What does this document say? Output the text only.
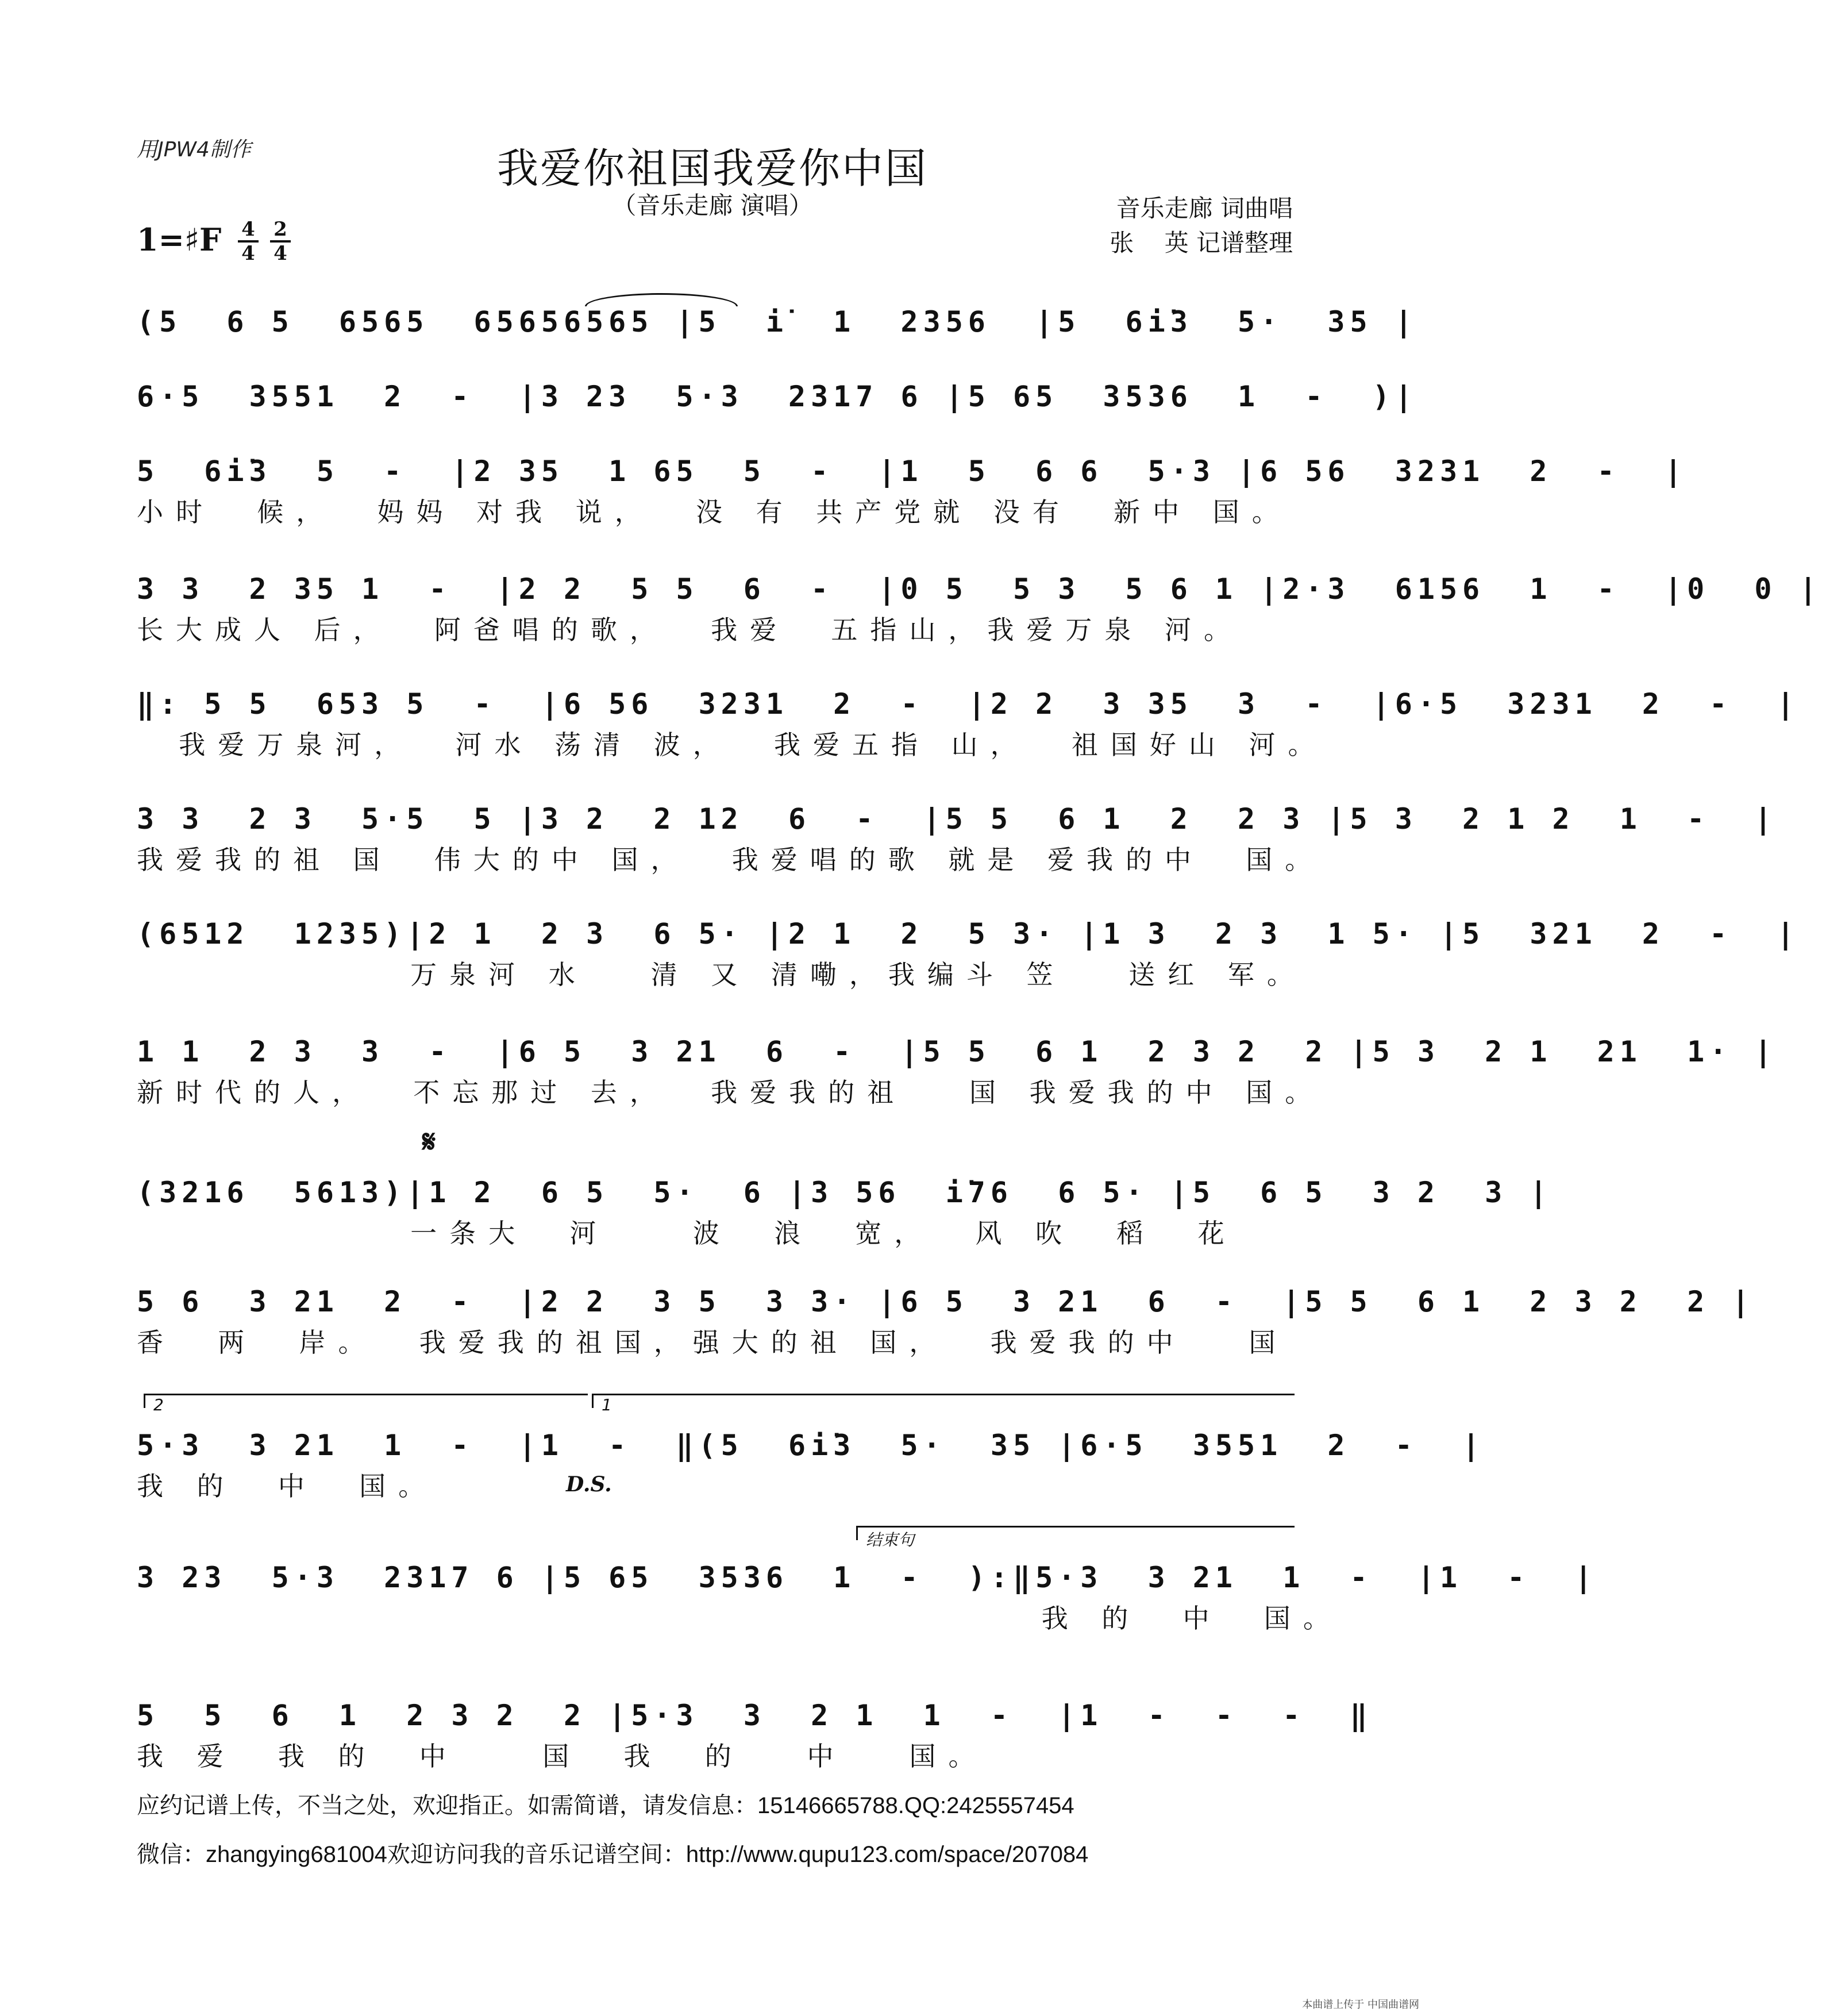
用JPW4制作	我爱你祖国我爱你中国
（音乐走廊 演唱）	音乐走廊 词曲唱
张    英 记谱整理
1=♯F 4
4
2
4
(5  6 5  6565  65656565 |5  i̇  1  2356  |5  6i̇3  5·  35 |
6·5  3551  2  -  |3 23  5·3  2317 6 |5 65  3536  1  -  )|
5  6i̇3  5  -  |2 35  1 65  5  -  |1  5  6 6  5·3 |6 56  3231  2  -  |
小时  候，  妈妈 对我 说，  没 有 共产党就 没有  新中 国。
3 3  2 35 1  -  |2 2  5 5  6  -  |0 5  5 3  5 6 1 |2·3  6156  1  -  |0  0 |
长大成人 后，  阿爸唱的歌，  我爱  五指山，我爱万泉 河。
‖: 5 5  653 5  -  |6 56  3231  2  -  |2 2  3 35  3  -  |6·5  3231  2  -  |
我爱万泉河，  河水 荡清 波，  我爱五指 山，  祖国好山 河。
3 3  2 3  5·5  5 |3 2  2 12  6  -  |5 5  6 1  2  2 3 |5 3  2 1 2  1  -  |
我爱我的祖 国  伟大的中 国，  我爱唱的歌 就是 爱我的中  国。
(6512  1235)|2 1  2 3  6 5· |2 1  2  5 3· |1 3  2 3  1 5· |5  321  2  -  |
万泉河 水   清 又 清嘞，我编斗 笠   送红 军。
1 1  2 3  3  -  |6 5  3 21  6  -  |5 5  6 1  2 3 2  2 |5 3  2 1  21  1· |
新时代的人，  不忘那过 去，  我爱我的祖   国 我爱我的中 国。
𝄋
(3216  5613)|1 2  6 5  5·  6 |3 56  i̇76  6 5· |5  6 5  3 2  3 |
一条大  河    波  浪  宽，  风 吹  稻  花
5 6  3 21  2  -  |2 2  3 5  3 3· |6 5  3 21  6  -  |5 5  6 1  2 3 2  2 |
香  两  岸。  我爱我的祖国，强大的祖 国，  我爱我的中   国
2	1
5·3  3 21  1  -  |1  -  ‖(5  6i̇3  5·  35 |6·5  3551  2  -  |
我 的  中  国。	D.S.
结束句
3 23  5·3  2317 6 |5 65  3536  1  -  ):‖5·3  3 21  1  -  |1  -  |
我 的  中  国。
5  5  6  1  2 3 2  2 |5·3  3  2 1  1  -  |1  -  -  -  ‖
我 爱  我 的  中    国  我  的   中   国。
应约记谱上传，不当之处，欢迎指正。如需简谱，请发信息：15146665788.QQ:2425557454
微信：zhangying681004欢迎访问我的音乐记谱空间：http://www.qupu123.com/space/207084
本曲谱上传于 中国曲谱网
